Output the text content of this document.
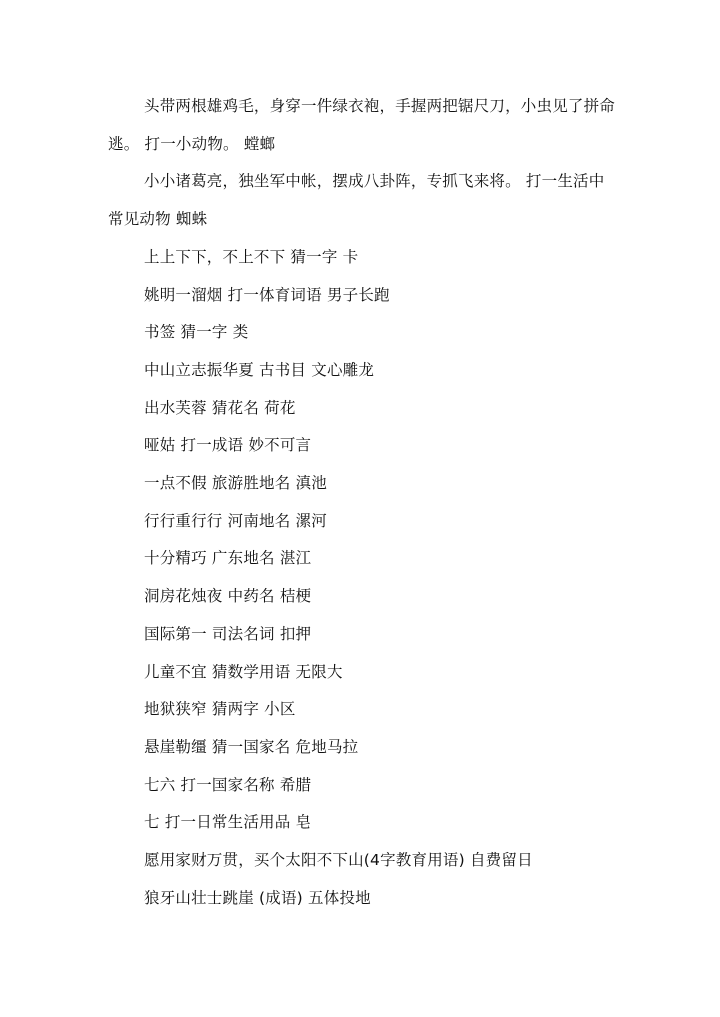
头带两根雄鸡毛，身穿一件绿衣袍，手握两把锯尺刀，小虫见了拼命逃。 打一小动物。 螳螂

小小诸葛亮，独坐军中帐，摆成八卦阵，专抓飞来将。 打一生活中常见动物 蜘蛛

上上下下，不上不下 猜一字 卡

姚明一溜烟 打一体育词语 男子长跑

书签 猜一字 类

中山立志振华夏 古书目 文心雕龙

出水芙蓉 猜花名 荷花

哑姑 打一成语 妙不可言

一点不假 旅游胜地名 滇池

行行重行行 河南地名 漯河

十分精巧 广东地名 湛江

洞房花烛夜 中药名 桔梗

国际第一 司法名词 扣押

儿童不宜 猜数学用语 无限大

地狱狭窄 猜两字 小区

悬崖勒缰 猜一国家名 危地马拉

七六 打一国家名称 希腊

七 打一日常生活用品 皂

愿用家财万贯，买个太阳不下山(4字教育用语) 自费留日

狼牙山壮士跳崖 (成语) 五体投地
